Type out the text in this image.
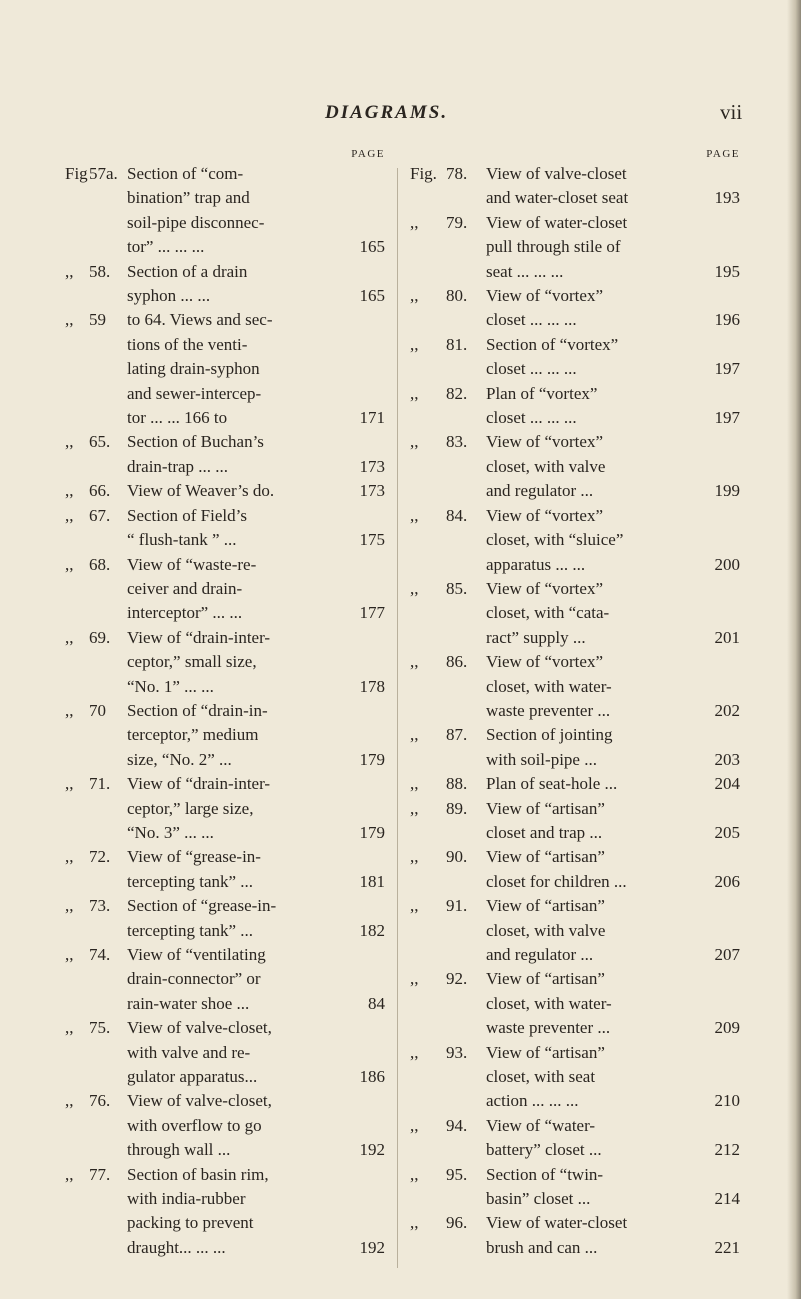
DIAGRAMS.	vii
PAGE
Fig 57a. Section of “com-
bination” trap and
soil-pipe disconnec-
tor” ... ... ...	165
,, 58. Section of a drain
syphon ... ...	165
,, 59	to 64. Views and sec-
tions of the venti-
lating drain-syphon
and sewer-intercep-
tor ... ... 166 to	171
,, 65. Section of Buchan’s
drain-trap ... ...	173
,, 66. View of Weaver’s do.	173
,, 67. Section of Field’s
“ flush-tank ” ...	175
,, 68. View of “waste-re-
ceiver and drain-
interceptor” ... ...	177
,, 69. View of “drain-inter-
ceptor,” small size,
“No. 1” ... ...	178
,, 70	Section of “drain-in-
terceptor,” medium
size, “No. 2” ...	179
,, 71. View of “drain-inter-
ceptor,” large size,
“No. 3” ... ...	179
,, 72. View of “grease-in-
tercepting tank” ...	181
,, 73. Section of “grease-in-
tercepting tank” ...	182
,, 74. View of “ventilating
drain-connector” or
rain-water shoe ...	84
,, 75. View of valve-closet,
with valve and re-
gulator apparatus...	186
,, 76. View of valve-closet,
with overflow to go
through wall ...	192
,, 77. Section of basin rim,
with india-rubber
packing to prevent
draught... ... ...	192
PAGE
Fig. 78.	View of valve-closet
and water-closet seat	193
,,	79.	View of water-closet
pull through stile of
seat ... ... ...	195
,,	80.	View of “vortex”
closet ... ... ...	196
,,	81.	Section of “vortex”
closet ... ... ...	197
,,	82.	Plan of “vortex”
closet ... ... ...	197
,,	83.	View of “vortex”
closet, with valve
and regulator ...	199
,,	84.	View of “vortex”
closet, with “sluice”
apparatus ... ...	200
,,	85.	View of “vortex”
closet, with “cata-
ract” supply ...	201
,,	86.	View of “vortex”
closet, with water-
waste preventer ...	202
,,	87.	Section of jointing
with soil-pipe ...	203
,,	88.	Plan of seat-hole ...	204
,,	89.	View of “artisan”
closet and trap ...	205
,,	90.	View of “artisan”
closet for children ...	206
,,	91.	View of “artisan”
closet, with valve
and regulator ...	207
,,	92.	View of “artisan”
closet, with water-
waste preventer ...	209
,,	93.	View of “artisan”
closet, with seat
action ... ... ...	210
,,	94.	View of “water-
battery” closet ...	212
,,	95.	Section of “twin-
basin” closet ...	214
,,	96.	View of water-closet
brush and can ...	221
